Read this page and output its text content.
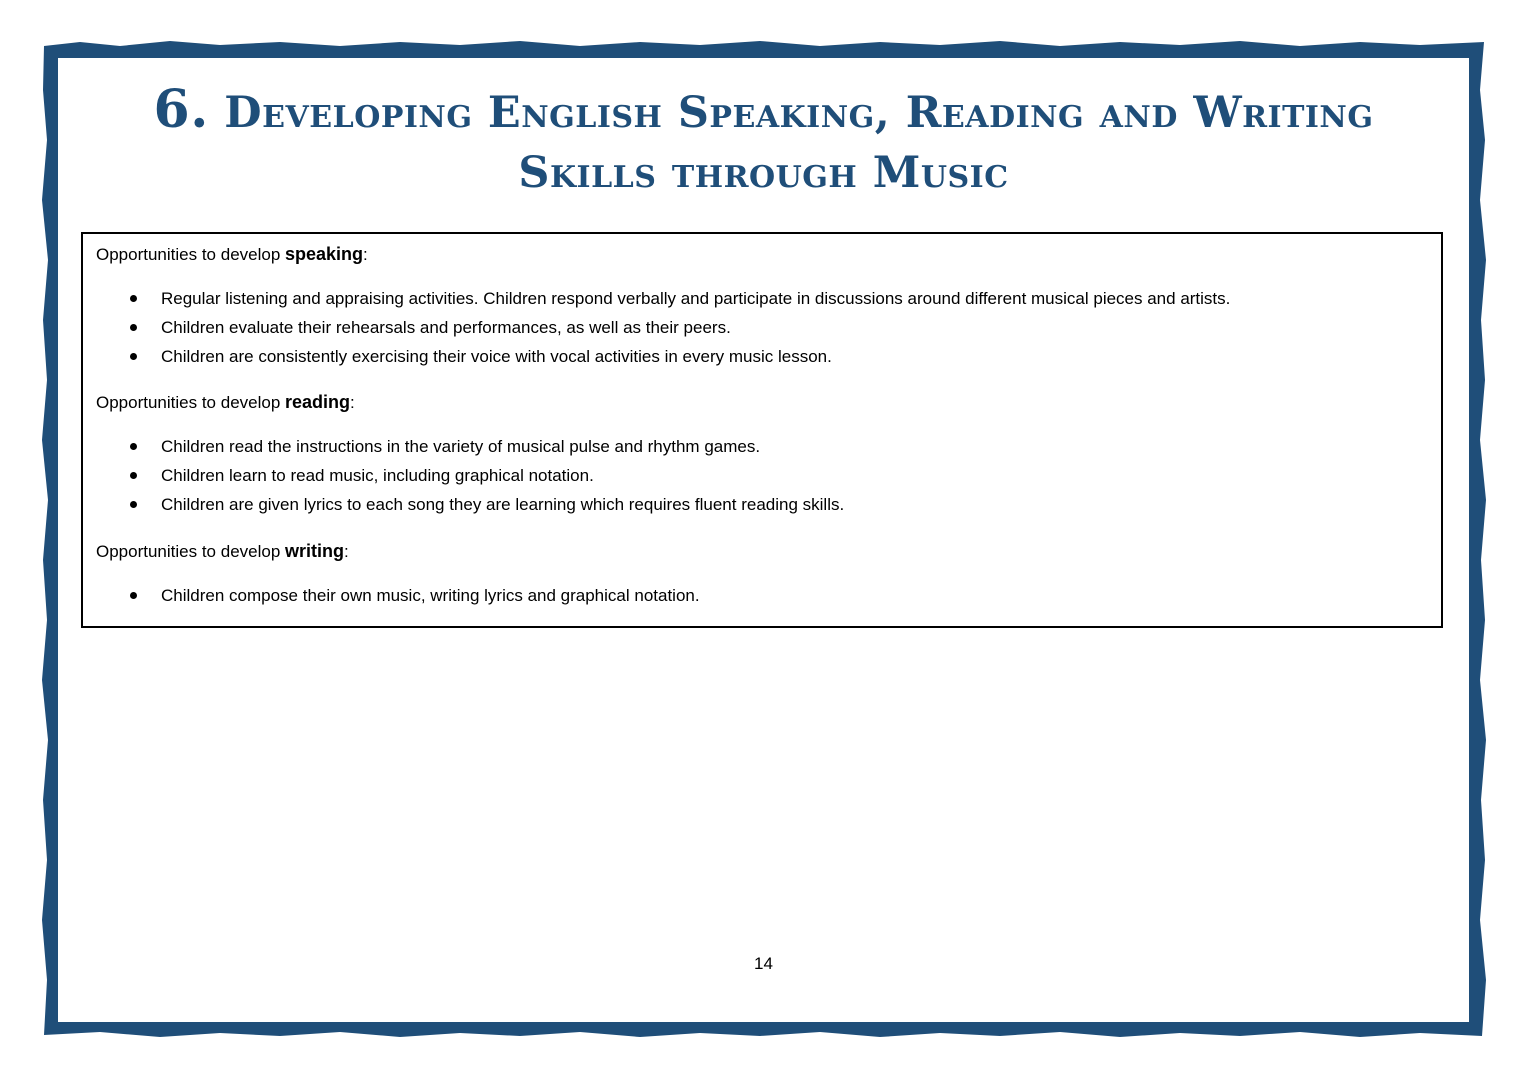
6. Developing English Speaking, Reading and Writing
Skills through Music

Opportunities to develop speaking:

Regular listening and appraising activities. Children respond verbally and participate in discussions around different musical pieces and artists.
Children evaluate their rehearsals and performances, as well as their peers.
Children are consistently exercising their voice with vocal activities in every music lesson.

Opportunities to develop reading:

Children read the instructions in the variety of musical pulse and rhythm games.
Children learn to read music, including graphical notation.
Children are given lyrics to each song they are learning which requires fluent reading skills.

Opportunities to develop writing:

Children compose their own music, writing lyrics and graphical notation.
14
